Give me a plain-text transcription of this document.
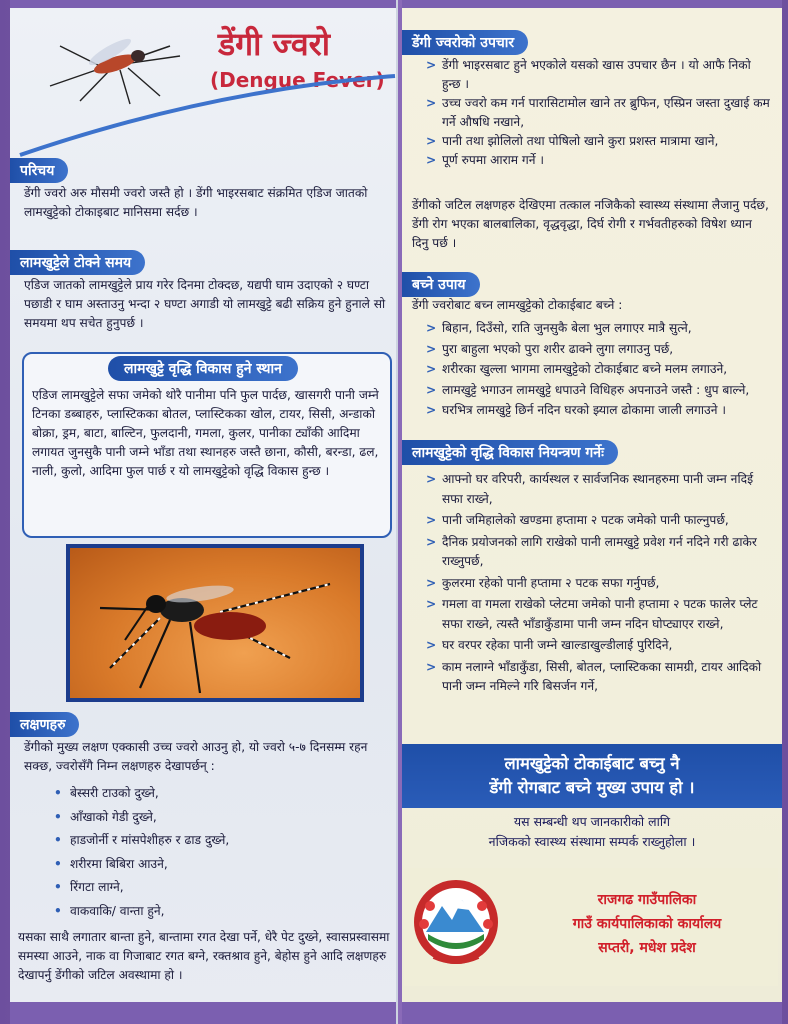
डेंगी ज्वरो
(Dengue Fever)
परिचय
डेंगी ज्वरो अरु मौसमी ज्वरो जस्तै हो । डेंगी भाइरसबाट संक्रमित एडिज जातको लामखुट्टेको टोकाइबाट मानिसमा सर्दछ ।
लामखुट्टेले टोक्ने समय
एडिज जातको लामखुट्टेले प्राय गरेर दिनमा टोक्दछ, यद्यपी घाम उदाएको २ घण्टा पछाडी र घाम अस्ताउनु भन्दा २ घण्टा अगाडी यो लामखुट्टे बढी सक्रिय हुने हुनाले सो समयमा थप सचेत हुनुपर्छ ।
लामखुट्टे वृद्धि विकास हुने स्थान
एडिज लामखुट्टेले सफा जमेको थोरै पानीमा पनि फुल पार्दछ, खासगरी पानी जम्ने टिनका डब्बाहरु, प्लास्टिकका बोतल, प्लास्टिकका खोल, टायर, सिसी, अन्डाको बोक्रा, ड्रम, बाटा, बाल्टिन, फुलदानी, गमला, कुलर, पानीका ट्याँकी आदिमा लगायत जुनसुकै पानी जम्ने भाँडा तथा स्थानहरु जस्तै छाना, कौसी, बरन्डा, ढल, नाली, कुलो, आदिमा फुल पार्छ र यो लामखुट्टेको वृद्धि विकास हुन्छ ।
लक्षणहरु
डेंगीको मुख्य लक्षण एक्कासी उच्च ज्वरो आउनु हो, यो ज्वरो ५-७ दिनसम्म रहन सक्छ, ज्वरोसँगै निम्न लक्षणहरु देखापर्छन् :
• बेस्सरी टाउको दुख्ने,
• आँखाको गेडी दुख्ने,
• हाडजोर्नी र मांसपेशीहरु र ढाड दुख्ने,
• शरीरमा बिबिरा आउने,
• रिंगटा लाग्ने,
• वाकवाकि/ वान्ता हुने,
यसका साथै लगातार बान्ता हुने, बान्तामा रगत देखा पर्ने, धेरै पेट दुख्ने, स्वासप्रस्वासमा समस्या आउने, नाक वा गिजाबाट रगत बग्ने, रक्तश्राव हुने, बेहोस हुने आदि लक्षणहरु देखापर्नु डेंगीको जटिल अवस्थामा हो ।
डेंगी ज्वरोको उपचार
> डेंगी भाइरसबाट हुने भएकोले यसको खास उपचार छैन । यो आफै निको हुन्छ ।
> उच्च ज्वरो कम गर्न पारासिटामोल खाने तर ब्रुफिन, एस्प्रिन जस्ता दुखाई कम गर्ने औषधि नखाने,
> पानी तथा झोलिलो तथा पोषिलो खाने कुरा प्रशस्त मात्रामा खाने,
> पूर्ण रुपमा आराम गर्ने ।
डेंगीको जटिल लक्षणहरु देखिएमा तत्काल नजिकैको स्वास्थ्य संस्थामा लैजानु पर्दछ, डेंगी रोग भएका बालबालिका, वृद्धवृद्धा, दिर्घ रोगी र गर्भवतीहरुको विषेश ध्यान दिनु पर्छ ।
बच्ने उपाय
डेंगी ज्वरोबाट बच्न लामखुट्टेको टोकाईबाट बच्ने :
> बिहान, दिउँसो, राति जुनसुकै बेला भुल लगाएर मात्रै सुत्ने,
> पुरा बाहुला भएको पुरा शरीर ढाक्ने लुगा लगाउनु पर्छ,
> शरीरका खुल्ला भागमा लामखुट्टेको टोकाईबाट बच्ने मलम लगाउने,
> लामखुट्टे भगाउन लामखुट्टे धपाउने विधिहरु अपनाउने जस्तै : धुप बाल्ने,
> घरभित्र लामखुट्टे छिर्न नदिन घरको झ्याल ढोकामा जाली लगाउने ।
लामखुट्टेको वृद्धि विकास नियन्त्रण गर्नेः
> आफ्नो घर वरिपरी, कार्यस्थल र सार्वजनिक स्थानहरुमा पानी जम्न नदिई सफा राख्ने,
> पानी जमिहालेको खण्डमा हप्तामा २ पटक जमेको पानी फाल्नुपर्छ,
> दैनिक प्रयोजनको लागि राखेको पानी लामखुट्टे प्रवेश गर्न नदिने गरी ढाकेर राख्नुपर्छ,
> कुलरमा रहेको पानी हप्तामा २ पटक सफा गर्नुपर्छ,
> गमला वा गमला राखेको प्लेटमा जमेको पानी हप्तामा २ पटक फालेर प्लेट सफा राख्ने, त्यस्तै भाँडाकुँडामा पानी जम्न नदिन घोप्ट्याएर राख्ने,
> घर वरपर रहेका पानी जम्ने खाल्डाखुल्डीलाई पुरिदिने,
> काम नलाग्ने भाँडाकुँडा, सिसी, बोतल, प्लास्टिकका सामग्री, टायर आदिको पानी जम्न नमिल्ने गरि बिसर्जन गर्ने,
लामखुट्टेको टोकाईबाट बच्नु नै
डेंगी रोगबाट बच्ने मुख्य उपाय हो ।
यस सम्बन्धी थप जानकारीको लागि
नजिकको स्वास्थ्य संस्थामा सम्पर्क राख्नुहोला ।
राजगढ गाउँपालिका
गाउँ कार्यपालिकाको कार्यालय
सप्तरी, मधेश प्रदेश
